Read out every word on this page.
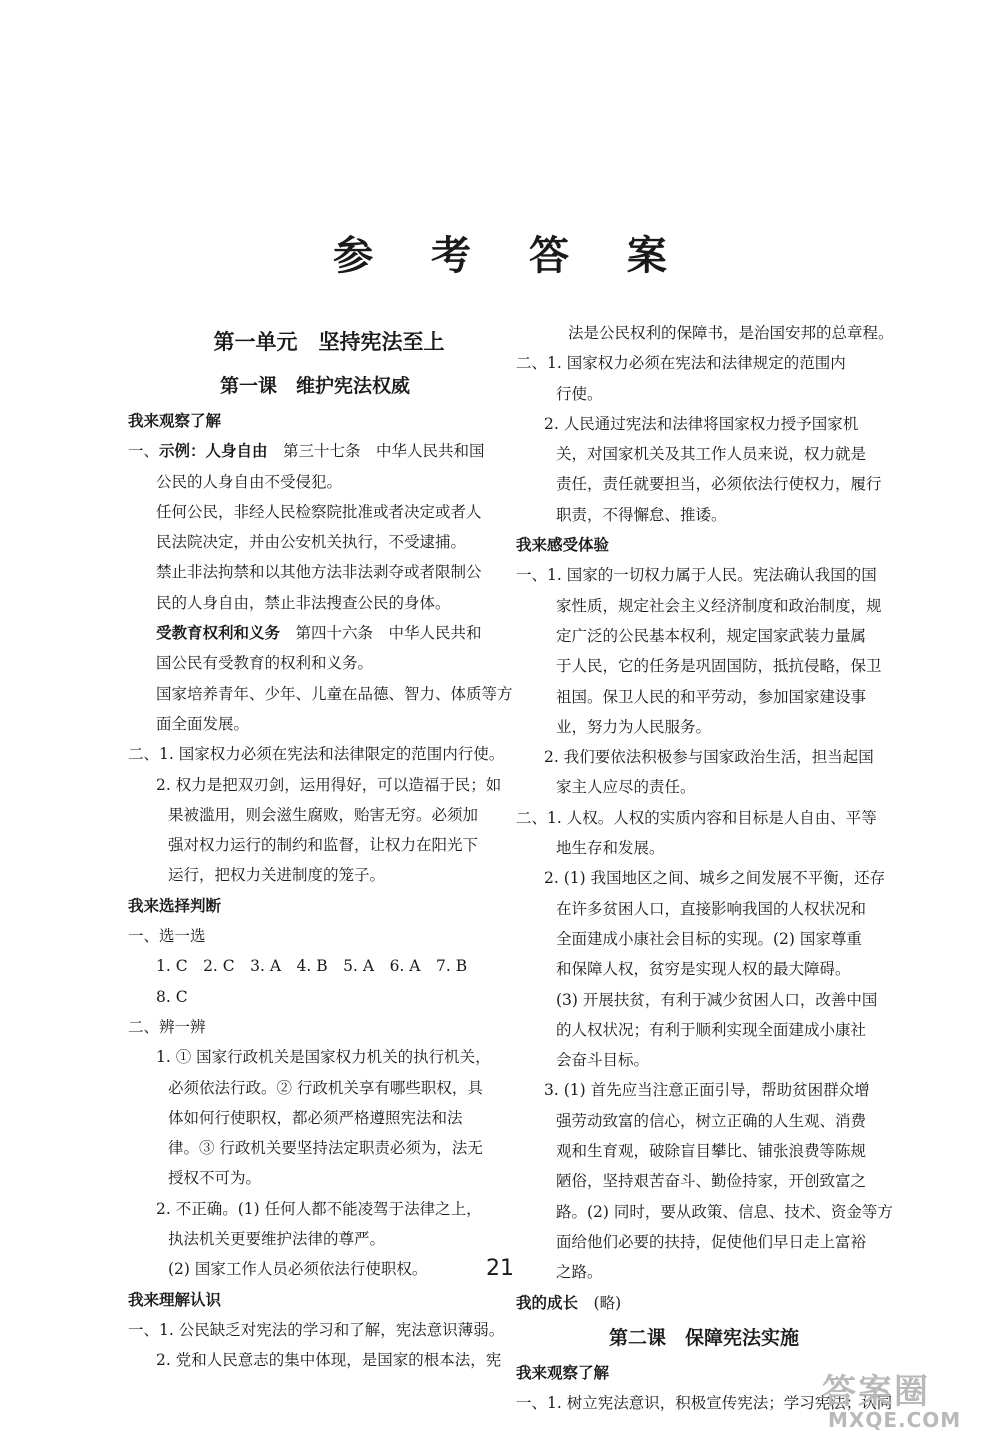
参 考 答 案
第一单元　坚持宪法至上
第一课　维护宪法权威
我来观察了解
一、示例：人身自由　第三十七条　中华人民共和国
公民的人身自由不受侵犯。
任何公民，非经人民检察院批准或者决定或者人
民法院决定，并由公安机关执行，不受逮捕。
禁止非法拘禁和以其他方法非法剥夺或者限制公
民的人身自由，禁止非法搜查公民的身体。
受教育权利和义务　第四十六条　中华人民共和
国公民有受教育的权利和义务。
国家培养青年、少年、儿童在品德、智力、体质等方
面全面发展。
二、1. 国家权力必须在宪法和法律限定的范围内行使。
2. 权力是把双刃剑，运用得好，可以造福于民；如
果被滥用，则会滋生腐败，贻害无穷。必须加
强对权力运行的制约和监督，让权力在阳光下
运行，把权力关进制度的笼子。
我来选择判断
一、选一选
1. C　2. C　3. A　4. B　5. A　6. A　7. B
8. C
二、辨一辨
1. ① 国家行政机关是国家权力机关的执行机关，
必须依法行政。② 行政机关享有哪些职权，具
体如何行使职权，都必须严格遵照宪法和法
律。③ 行政机关要坚持法定职责必须为，法无
授权不可为。
2. 不正确。(1) 任何人都不能凌驾于法律之上，
执法机关更要维护法律的尊严。
(2) 国家工作人员必须依法行使职权。
我来理解认识
一、1. 公民缺乏对宪法的学习和了解，宪法意识薄弱。
2. 党和人民意志的集中体现，是国家的根本法，宪
法是公民权利的保障书，是治国安邦的总章程。
二、1. 国家权力必须在宪法和法律规定的范围内
行使。
2. 人民通过宪法和法律将国家权力授予国家机
关，对国家机关及其工作人员来说，权力就是
责任，责任就要担当，必须依法行使权力，履行
职责，不得懈怠、推诿。
我来感受体验
一、1. 国家的一切权力属于人民。宪法确认我国的国
家性质，规定社会主义经济制度和政治制度，规
定广泛的公民基本权利，规定国家武装力量属
于人民，它的任务是巩固国防，抵抗侵略，保卫
祖国。保卫人民的和平劳动，参加国家建设事
业，努力为人民服务。
2. 我们要依法积极参与国家政治生活，担当起国
家主人应尽的责任。
二、1. 人权。人权的实质内容和目标是人自由、平等
地生存和发展。
2. (1) 我国地区之间、城乡之间发展不平衡，还存
在许多贫困人口，直接影响我国的人权状况和
全面建成小康社会目标的实现。(2) 国家尊重
和保障人权，贫穷是实现人权的最大障碍。
(3) 开展扶贫，有利于减少贫困人口，改善中国
的人权状况；有利于顺利实现全面建成小康社
会奋斗目标。
3. (1) 首先应当注意正面引导，帮助贫困群众增
强劳动致富的信心，树立正确的人生观、消费
观和生育观，破除盲目攀比、铺张浪费等陈规
陋俗，坚持艰苦奋斗、勤俭持家，开创致富之
路。(2) 同时，要从政策、信息、技术、资金等方
面给他们必要的扶持，促使他们早日走上富裕
之路。
我的成长　(略)
第二课　保障宪法实施
我来观察了解
一、1. 树立宪法意识，积极宣传宪法；学习宪法；认同
21
答案圈
MXQE.COM
